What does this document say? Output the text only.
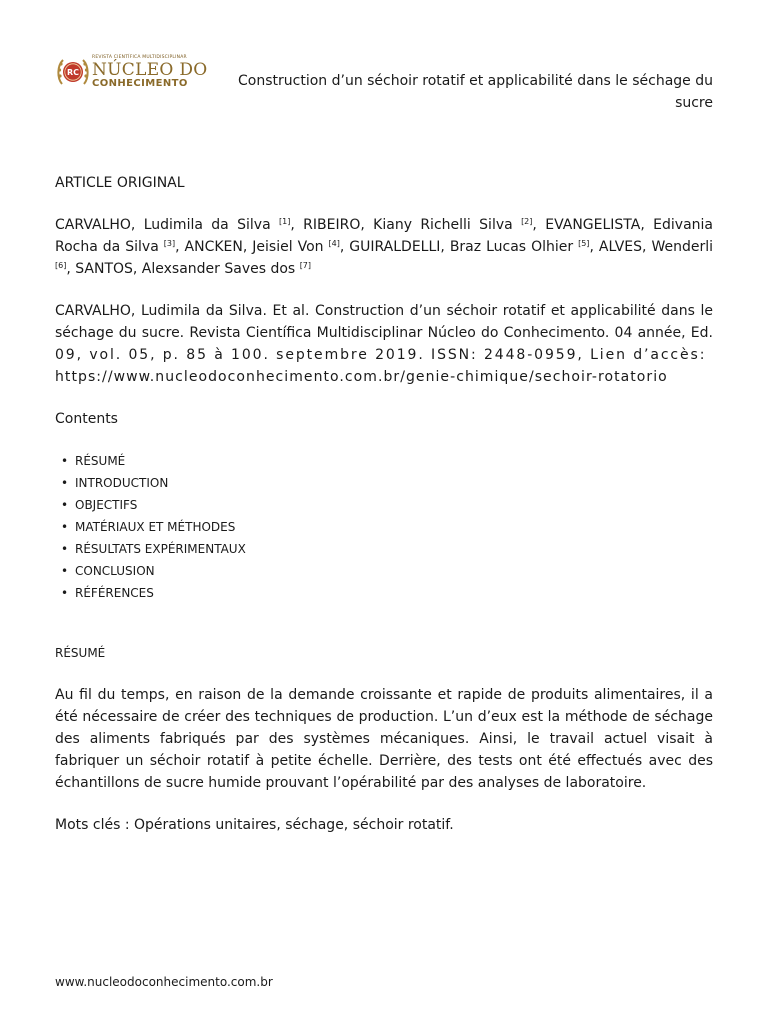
RC
REVISTA CIENTÍFICA MULTIDISCIPLINAR
NÚCLEO DO
CONHECIMENTO	Construction d’un séchoir rotatif et applicabilité dans le séchage du sucre

ARTICLE ORIGINAL

CARVALHO, Ludimila da Silva [1], RIBEIRO, Kiany Richelli Silva [2], EVANGELISTA, Edivania Rocha da Silva [3], ANCKEN, Jeisiel Von [4], GUIRALDELLI, Braz Lucas Olhier [5], ALVES, Wenderli [6], SANTOS, Alexsander Saves dos [7]

CARVALHO, Ludimila da Silva. Et al. Construction d’un séchoir rotatif et applicabilité dans le séchage du sucre. Revista Científica Multidisciplinar Núcleo do Conhecimento. 04 année, Ed. 09, vol. 05, p. 85 à 100. septembre 2019. ISSN: 2448-0959, Lien d’accès:
https://www.nucleodoconhecimento.com.br/genie-chimique/sechoir-rotatorio

Contents

• RÉSUMÉ
• INTRODUCTION
• OBJECTIFS
• MATÉRIAUX ET MÉTHODES
• RÉSULTATS EXPÉRIMENTAUX
• CONCLUSION
• RÉFÉRENCES

RÉSUMÉ

Au fil du temps, en raison de la demande croissante et rapide de produits alimentaires, il a été nécessaire de créer des techniques de production. L’un d’eux est la méthode de séchage des aliments fabriqués par des systèmes mécaniques. Ainsi, le travail actuel visait à fabriquer un séchoir rotatif à petite échelle. Derrière, des tests ont été effectués avec des échantillons de sucre humide prouvant l’opérabilité par des analyses de laboratoire.

Mots clés : Opérations unitaires, séchage, séchoir rotatif.

www.nucleodoconhecimento.com.br
